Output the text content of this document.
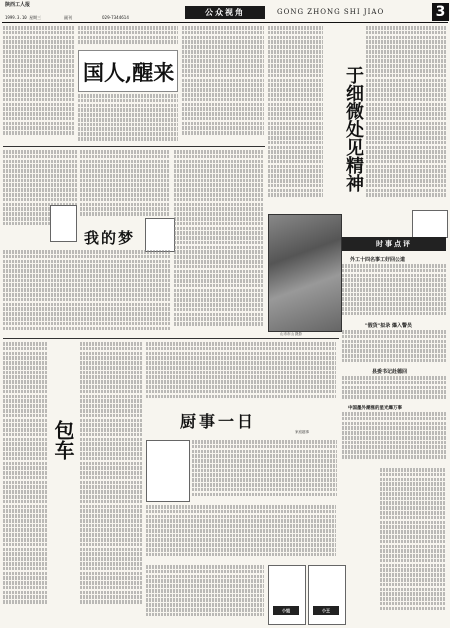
陕西工人报
1999.3.10 星期三	副刊	029-7344614
公众视角	GONG ZHONG SHI JIAO	3
国人,醒来	于细微处见精神
时事点评
外工十四名事工好回公道
"假货"拟录 爆入警员
县委书记赴德回
中国墨外潮涨的星光爆万事
我的梦
山市市山 摄影
包车	厨事一日
家庭趣事
小姐	小王
